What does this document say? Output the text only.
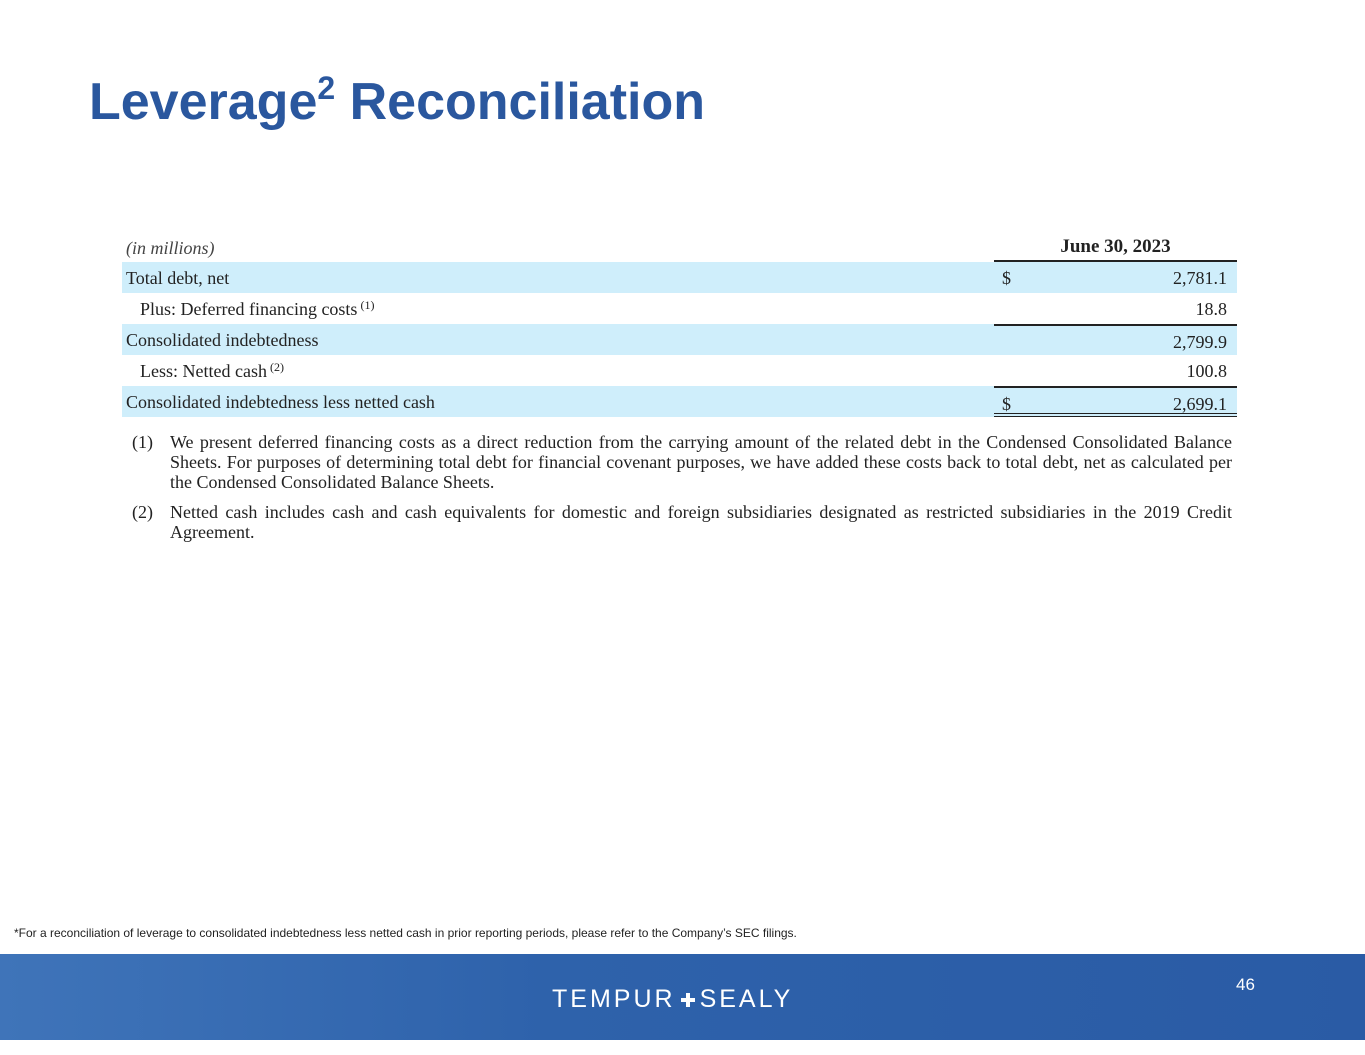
Leverage$^2$ Reconciliation
(in millions)	June 30, 2023
Total debt, net	$	2,781.1
Plus: Deferred financing costs $^{(1)}$	18.8
Consolidated indebtedness	2,799.9
Less: Netted cash $^{(2)}$	100.8
Consolidated indebtedness less netted cash	$	2,699.1
(1) We present deferred financing costs as a direct reduction from the carrying amount of the related debt in the Condensed Consolidated Balance Sheets. For purposes of determining total debt for financial covenant purposes, we have added these costs back to total debt, net as calculated per the Condensed Consolidated Balance Sheets.
(2) Netted cash includes cash and cash equivalents for domestic and foreign subsidiaries designated as restricted subsidiaries in the 2019 Credit Agreement.
*For a reconciliation of leverage to consolidated indebtedness less netted cash in prior reporting periods, please refer to the Company’s SEC filings.
TEMPUR SEALY
46
